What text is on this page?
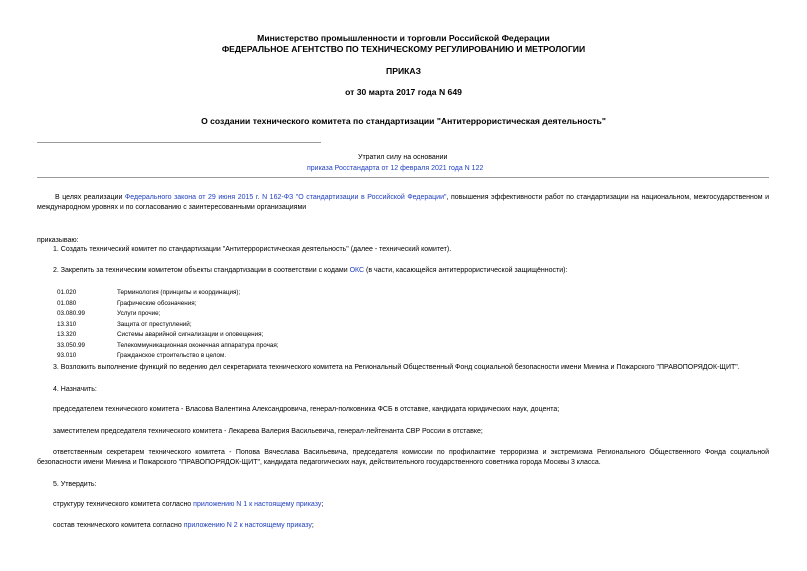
Министерство промышленности и торговли Российской Федерации
ФЕДЕРАЛЬНОЕ АГЕНТСТВО ПО ТЕХНИЧЕСКОМУ РЕГУЛИРОВАНИЮ И МЕТРОЛОГИИ
ПРИКАЗ
от 30 марта 2017 года N 649
О создании технического комитета по стандартизации "Антитеррористическая деятельность"
Утратил силу на основании
приказа Росстандарта от 12 февраля 2021 года N 122
В целях реализации Федерального закона от 29 июня 2015 г. N 162-ФЗ "О стандартизации в Российской Федерации", повышения эффективности работ по стандартизации на национальном, межгосударственном и международном уровнях и по согласованию с заинтересованными организациями
приказываю:
1. Создать технический комитет по стандартизации "Антитеррористическая деятельность" (далее - технический комитет).
2. Закрепить за техническим комитетом объекты стандартизации в соответствии с кодами ОКС (в части, касающейся антитеррористической защищённости):
01.020	Терминология (принципы и координация);
01.080	Графические обозначения;
03.080.99	Услуги прочие;
13.310	Защита от преступлений;
13.320	Системы аварийной сигнализации и оповещения;
33.050.99	Телекоммуникационная оконечная аппаратура прочая;
93.010	Гражданское строительство в целом.
3. Возложить выполнение функций по ведению дел секретариата технического комитета на Региональный Общественный Фонд социальной безопасности имени Минина и Пожарского "ПРАВОПОРЯДОК-ЩИТ".
4. Назначить:
председателем технического комитета - Власова Валентина Александровича, генерал-полковника ФСБ в отставке, кандидата юридических наук, доцента;
заместителем председателя технического комитета - Лекарева Валерия Васильевича, генерал-лейтенанта СВР России в отставке;
ответственным секретарем технического комитета - Попова Вячеслава Васильевича, председателя комиссии по профилактике терроризма и экстремизма Регионального Общественного Фонда социальной безопасности имени Минина и Пожарского "ПРАВОПОРЯДОК-ЩИТ", кандидата педагогических наук, действительного государственного советника города Москвы 3 класса.
5. Утвердить:
структуру технического комитета согласно приложению N 1 к настоящему приказу;
состав технического комитета согласно приложению N 2 к настоящему приказу;
